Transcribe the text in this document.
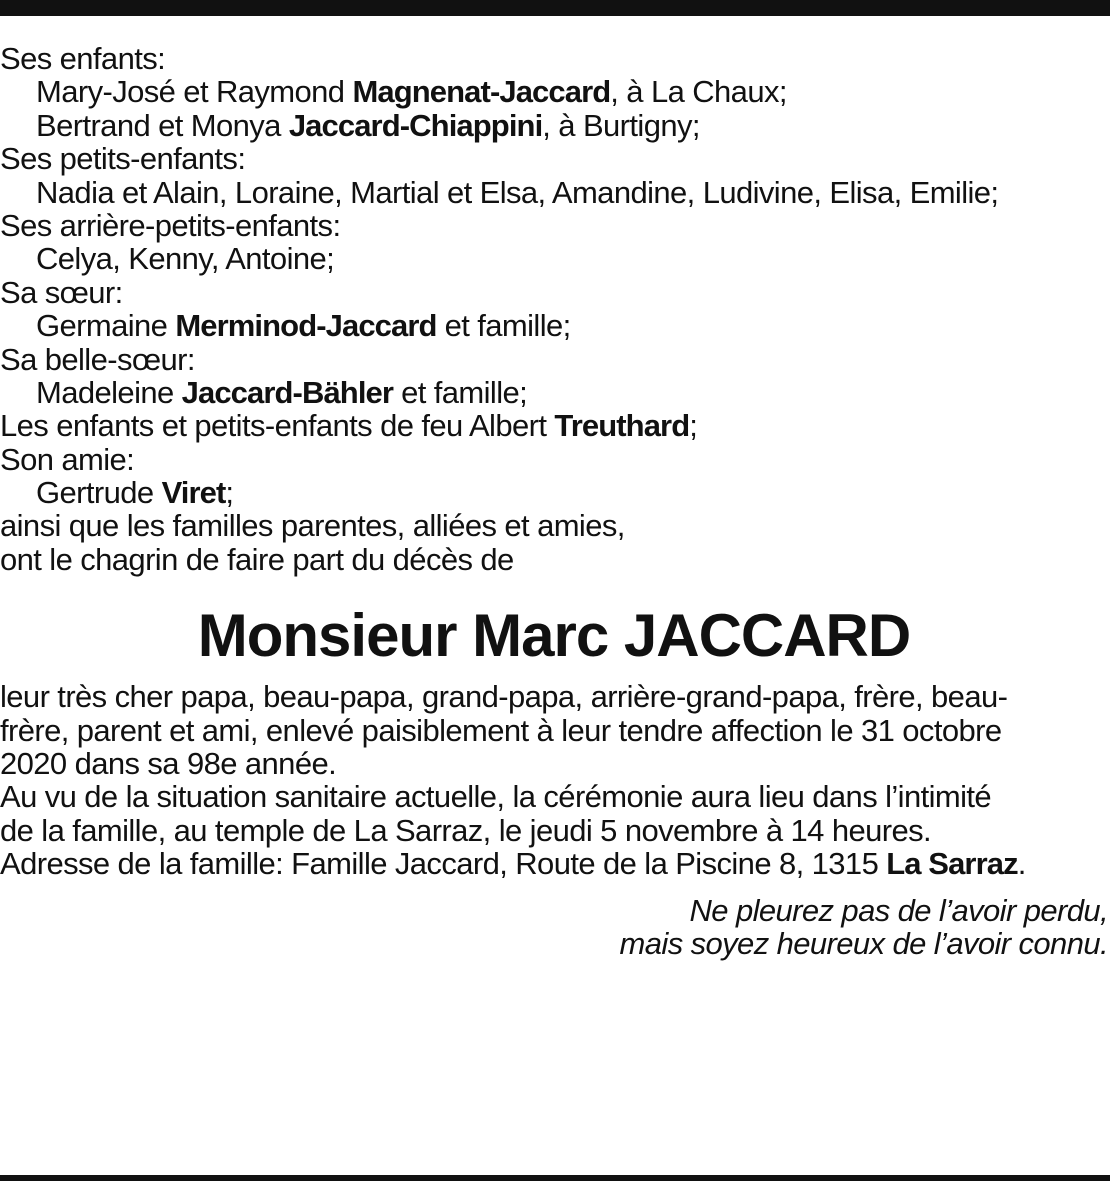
Ses enfants:
Mary-José et Raymond Magnenat-Jaccard, à La Chaux;
Bertrand et Monya Jaccard-Chiappini, à Burtigny;
Ses petits-enfants:
Nadia et Alain, Loraine, Martial et Elsa, Amandine, Ludivine, Elisa, Emilie;
Ses arrière-petits-enfants:
Celya, Kenny, Antoine;
Sa sœur:
Germaine Merminod-Jaccard et famille;
Sa belle-sœur:
Madeleine Jaccard-Bähler et famille;
Les enfants et petits-enfants de feu Albert Treuthard;
Son amie:
Gertrude Viret;
ainsi que les familles parentes, alliées et amies,
ont le chagrin de faire part du décès de
Monsieur Marc JACCARD
leur très cher papa, beau-papa, grand-papa, arrière-grand-papa, frère, beau-
frère, parent et ami, enlevé paisiblement à leur tendre affection le 31 octobre
2020 dans sa 98e année.
Au vu de la situation sanitaire actuelle, la cérémonie aura lieu dans l’intimité
de la famille, au temple de La Sarraz, le jeudi 5 novembre à 14 heures.
Adresse de la famille: Famille Jaccard, Route de la Piscine 8, 1315 La Sarraz.
Ne pleurez pas de l’avoir perdu,
mais soyez heureux de l’avoir connu.
